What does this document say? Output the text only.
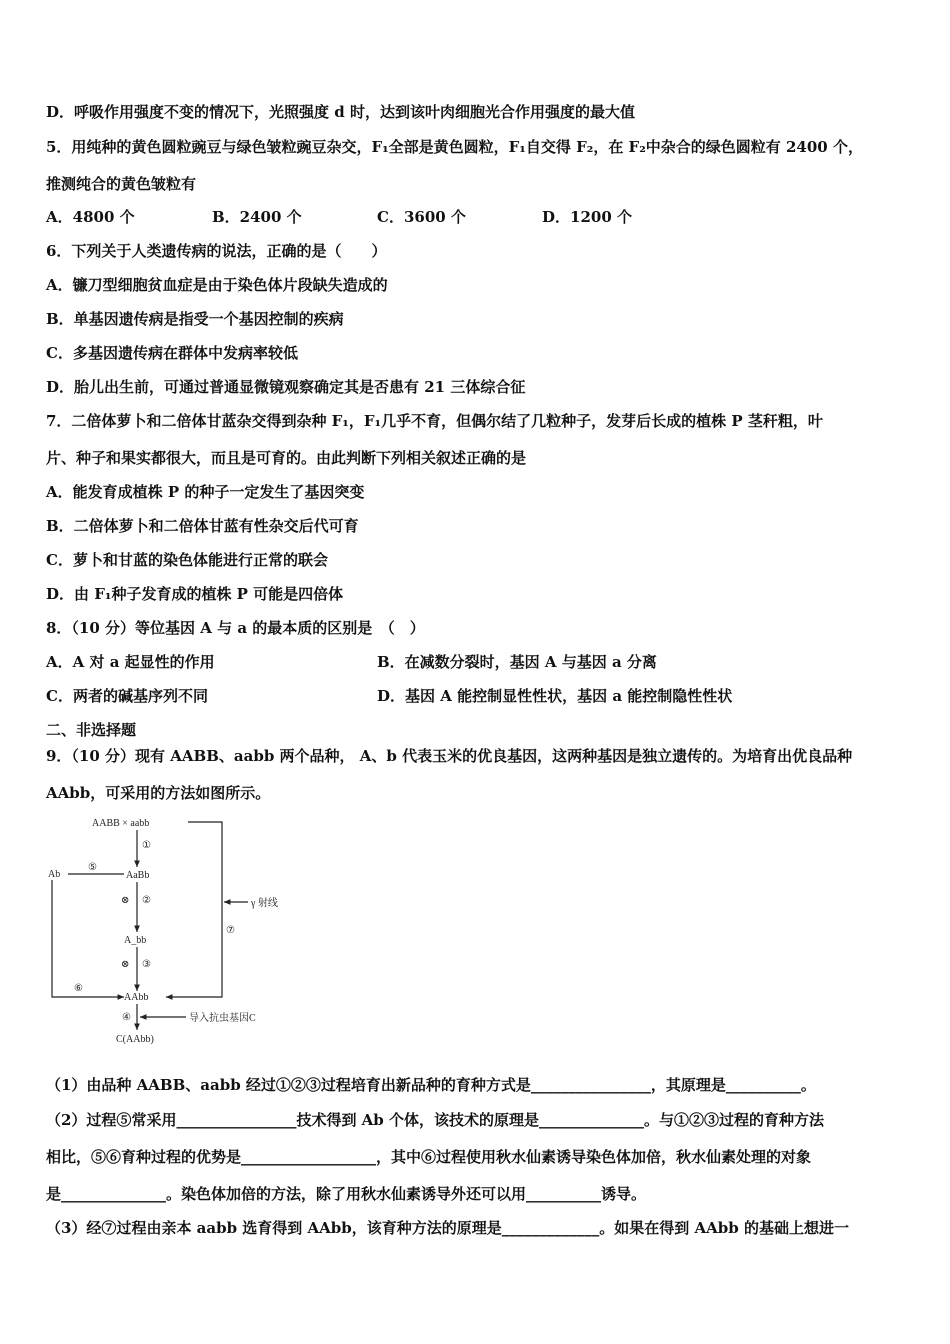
D．呼吸作用强度不变的情况下，光照强度 d 时，达到该叶肉细胞光合作用强度的最大值
5．用纯种的黄色圆粒豌豆与绿色皱粒豌豆杂交，F₁全部是黄色圆粒，F₁自交得 F₂，在 F₂中杂合的绿色圆粒有 2400 个，
推测纯合的黄色皱粒有
A．4800 个	B．2400 个	C．3600 个	D．1200 个
6．下列关于人类遗传病的说法，正确的是（　　）
A．镰刀型细胞贫血症是由于染色体片段缺失造成的
B．单基因遗传病是指受一个基因控制的疾病
C．多基因遗传病在群体中发病率较低
D．胎儿出生前，可通过普通显微镜观察确定其是否患有 21 三体综合征
7．二倍体萝卜和二倍体甘蓝杂交得到杂种 F₁，F₁几乎不育，但偶尔结了几粒种子，发芽后长成的植株 P 茎秆粗，叶
片、种子和果实都很大，而且是可育的。由此判断下列相关叙述正确的是
A．能发育成植株 P 的种子一定发生了基因突变
B．二倍体萝卜和二倍体甘蓝有性杂交后代可育
C．萝卜和甘蓝的染色体能进行正常的联会
D．由 F₁种子发育成的植株 P 可能是四倍体
8．（10 分）等位基因 A 与 a 的最本质的区别是　（　）
A．A 对 a 起显性的作用	B．在减数分裂时，基因 A 与基因 a 分离
C．两者的碱基序列不同	D．基因 A 能控制显性性状，基因 a 能控制隐性性状
二、非选择题
9．（10 分）现有 AABB、aabb 两个品种， A、b 代表玉米的优良基因，这两种基因是独立遗传的。为培育出优良品种
AAbb，可采用的方法如图所示。
AABB × aabb
γ 射线
⑦
①
AaBb
Ab
⑤
⑥
⊗ ②
A_bb
⊗ ③
AAbb
④	导入抗虫基因C
C(AAbb)
（1）由品种 AABB、aabb 经过①②③过程培育出新品种的育种方式是________________，其原理是__________。
（2）过程⑤常采用________________技术得到 Ab 个体，该技术的原理是______________。与①②③过程的育种方法
相比，⑤⑥育种过程的优势是__________________，其中⑥过程使用秋水仙素诱导染色体加倍，秋水仙素处理的对象
是______________。染色体加倍的方法，除了用秋水仙素诱导外还可以用__________诱导。
（3）经⑦过程由亲本 aabb 选育得到 AAbb，该育种方法的原理是_____________。如果在得到 AAbb 的基础上想进一
